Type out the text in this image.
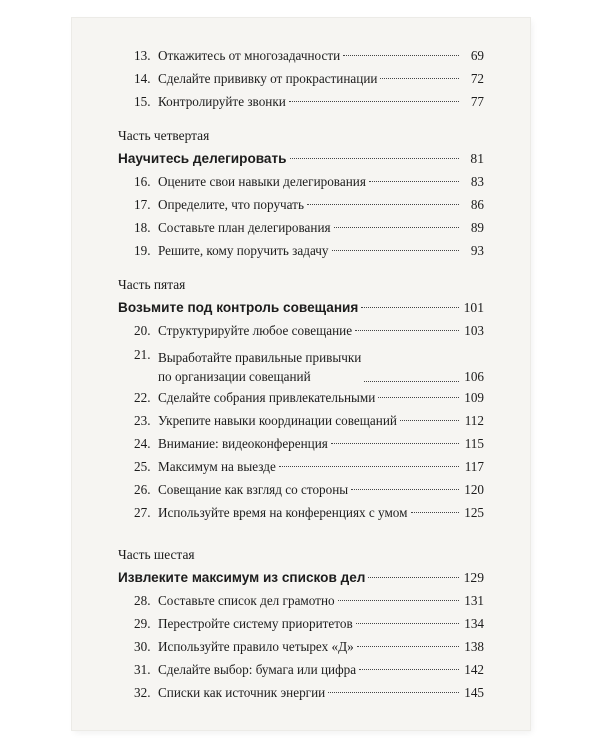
13. Откажитесь от многозадачности	69
14. Сделайте прививку от прокрастинации	72
15. Контролируйте звонки	77
Часть четвертая
Научитесь делегировать	81
16. Оцените свои навыки делегирования	83
17. Определите, что поручать	86
18. Составьте план делегирования	89
19. Решите, кому поручить задачу	93
Часть пятая
Возьмите под контроль совещания	101
20. Структурируйте любое совещание	103
21. Выработайте правильные привычки
по организации совещаний	106
22. Сделайте собрания привлекательными	109
23. Укрепите навыки координации совещаний	112
24. Внимание: видеоконференция	115
25. Максимум на выезде	117
26. Совещание как взгляд со стороны	120
27. Используйте время на конференциях с умом	125
Часть шестая
Извлеките максимум из списков дел	129
28. Составьте список дел грамотно	131
29. Перестройте систему приоритетов	134
30. Используйте правило четырех «Д»	138
31. Сделайте выбор: бумага или цифра	142
32. Списки как источник энергии	145
